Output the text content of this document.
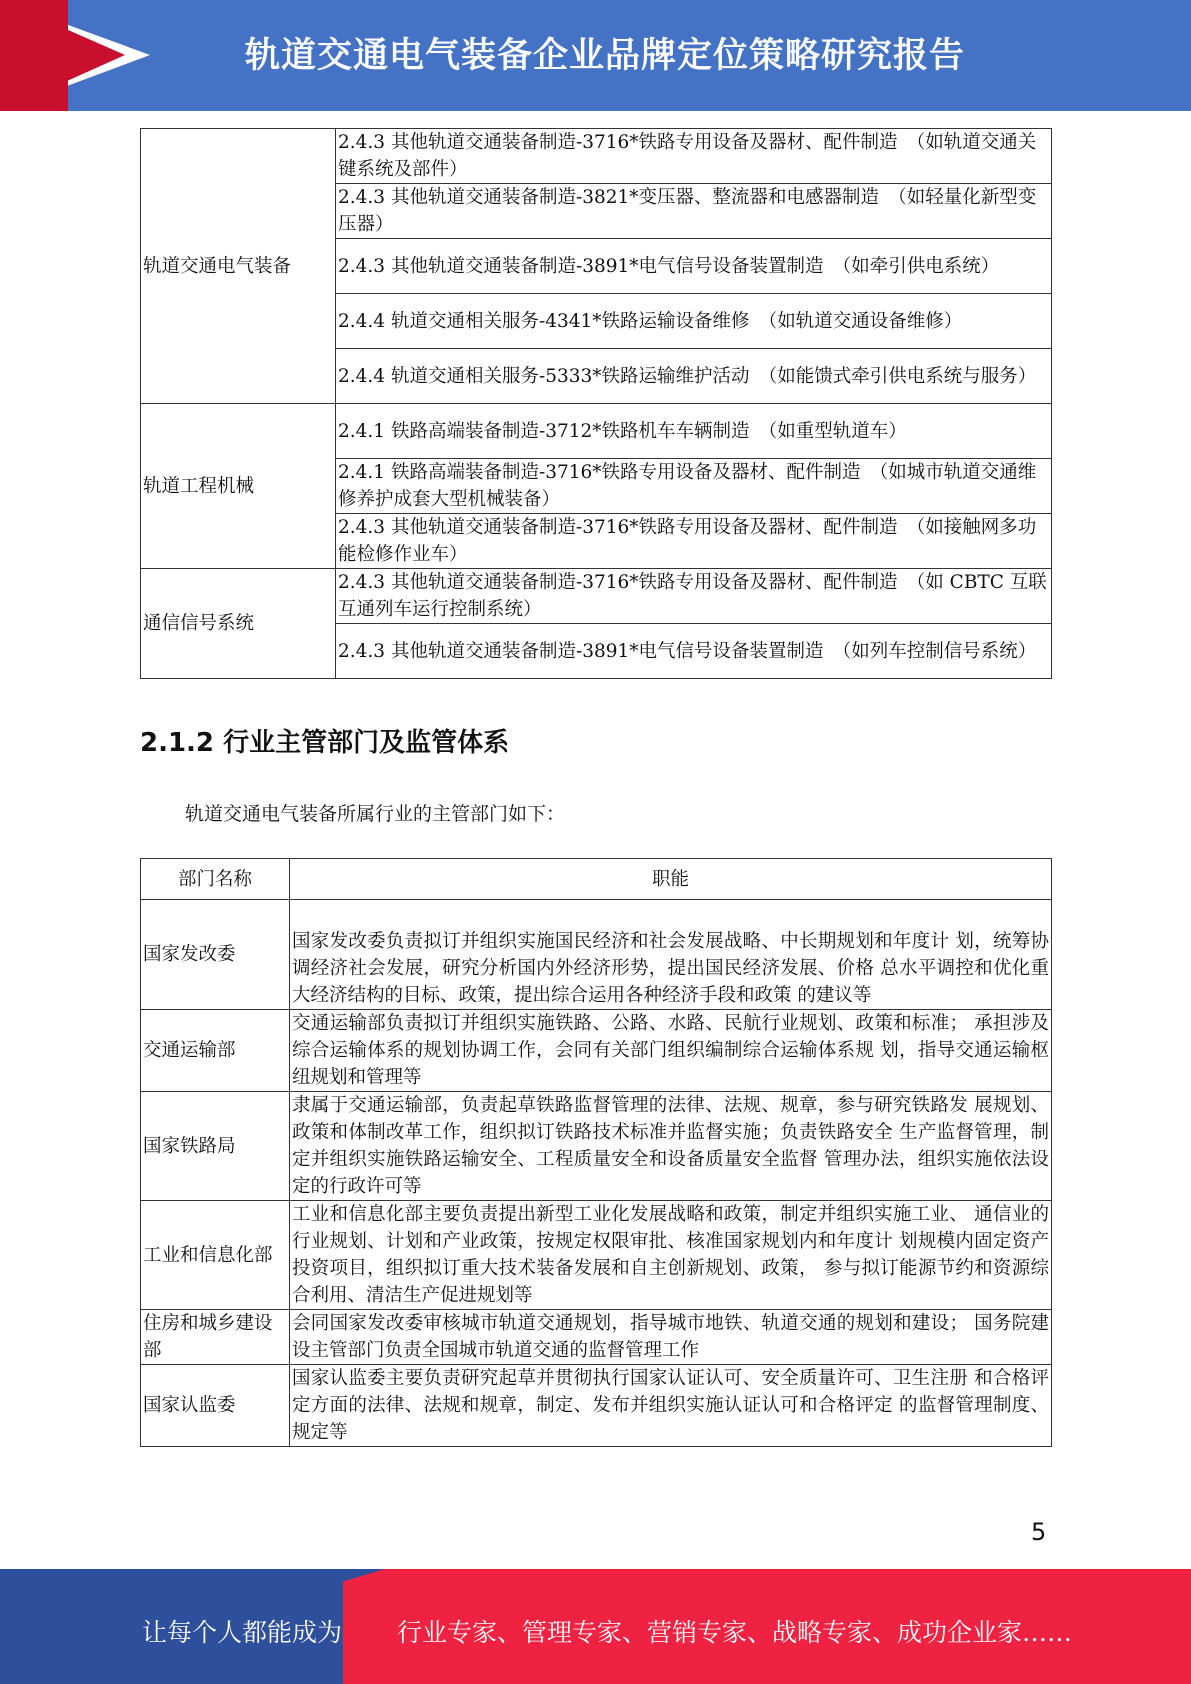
轨道交通电气装备企业品牌定位策略研究报告
轨道交通电气装备	2.4.3 其他轨道交通装备制造-3716*铁路专用设备及器材、配件制造　（如轨道交通关键系统及部件）
	2.4.3 其他轨道交通装备制造-3821*变压器、整流器和电感器制造　（如轻量化新型变压器）
	2.4.3 其他轨道交通装备制造-3891*电气信号设备装置制造　（如牵引供电系统）
	2.4.4 轨道交通相关服务-4341*铁路运输设备维修　（如轨道交通设备维修）
	2.4.4 轨道交通相关服务-5333*铁路运输维护活动　（如能馈式牵引供电系统与服务）
轨道工程机械	2.4.1 铁路高端装备制造-3712*铁路机车车辆制造　（如重型轨道车）
	2.4.1 铁路高端装备制造-3716*铁路专用设备及器材、配件制造　（如城市轨道交通维修养护成套大型机械装备）
	2.4.3 其他轨道交通装备制造-3716*铁路专用设备及器材、配件制造　（如接触网多功能检修作业车）
通信信号系统	2.4.3 其他轨道交通装备制造-3716*铁路专用设备及器材、配件制造　（如 CBTC 互联互通列车运行控制系统）
	2.4.3 其他轨道交通装备制造-3891*电气信号设备装置制造　（如列车控制信号系统）
2.1.2 行业主管部门及监管体系
轨道交通电气装备所属行业的主管部门如下：
部门名称	职能
国家发改委	国家发改委负责拟订并组织实施国民经济和社会发展战略、中长期规划和年度计 划，统筹协调经济社会发展，研究分析国内外经济形势，提出国民经济发展、价格 总水平调控和优化重大经济结构的目标、政策，提出综合运用各种经济手段和政策 的建议等
交通运输部	交通运输部负责拟订并组织实施铁路、公路、水路、民航行业规划、政策和标准； 承担涉及综合运输体系的规划协调工作，会同有关部门组织编制综合运输体系规 划，指导交通运输枢纽规划和管理等
国家铁路局	隶属于交通运输部，负责起草铁路监督管理的法律、法规、规章，参与研究铁路发 展规划、政策和体制改革工作，组织拟订铁路技术标准并监督实施；负责铁路安全 生产监督管理，制定并组织实施铁路运输安全、工程质量安全和设备质量安全监督 管理办法，组织实施依法设定的行政许可等
工业和信息化部	工业和信息化部主要负责提出新型工业化发展战略和政策，制定并组织实施工业、 通信业的行业规划、计划和产业政策，按规定权限审批、核准国家规划内和年度计 划规模内固定资产投资项目，组织拟订重大技术装备发展和自主创新规划、政策， 参与拟订能源节约和资源综合利用、清洁生产促进规划等
住房和城乡建设部	会同国家发改委审核城市轨道交通规划，指导城市地铁、轨道交通的规划和建设； 国务院建设主管部门负责全国城市轨道交通的监督管理工作
国家认监委	国家认监委主要负责研究起草并贯彻执行国家认证认可、安全质量许可、卫生注册 和合格评定方面的法律、法规和规章，制定、发布并组织实施认证认可和合格评定 的监督管理制度、规定等
5
让每个人都能成为 行业专家、管理专家、营销专家、战略专家、成功企业家……
